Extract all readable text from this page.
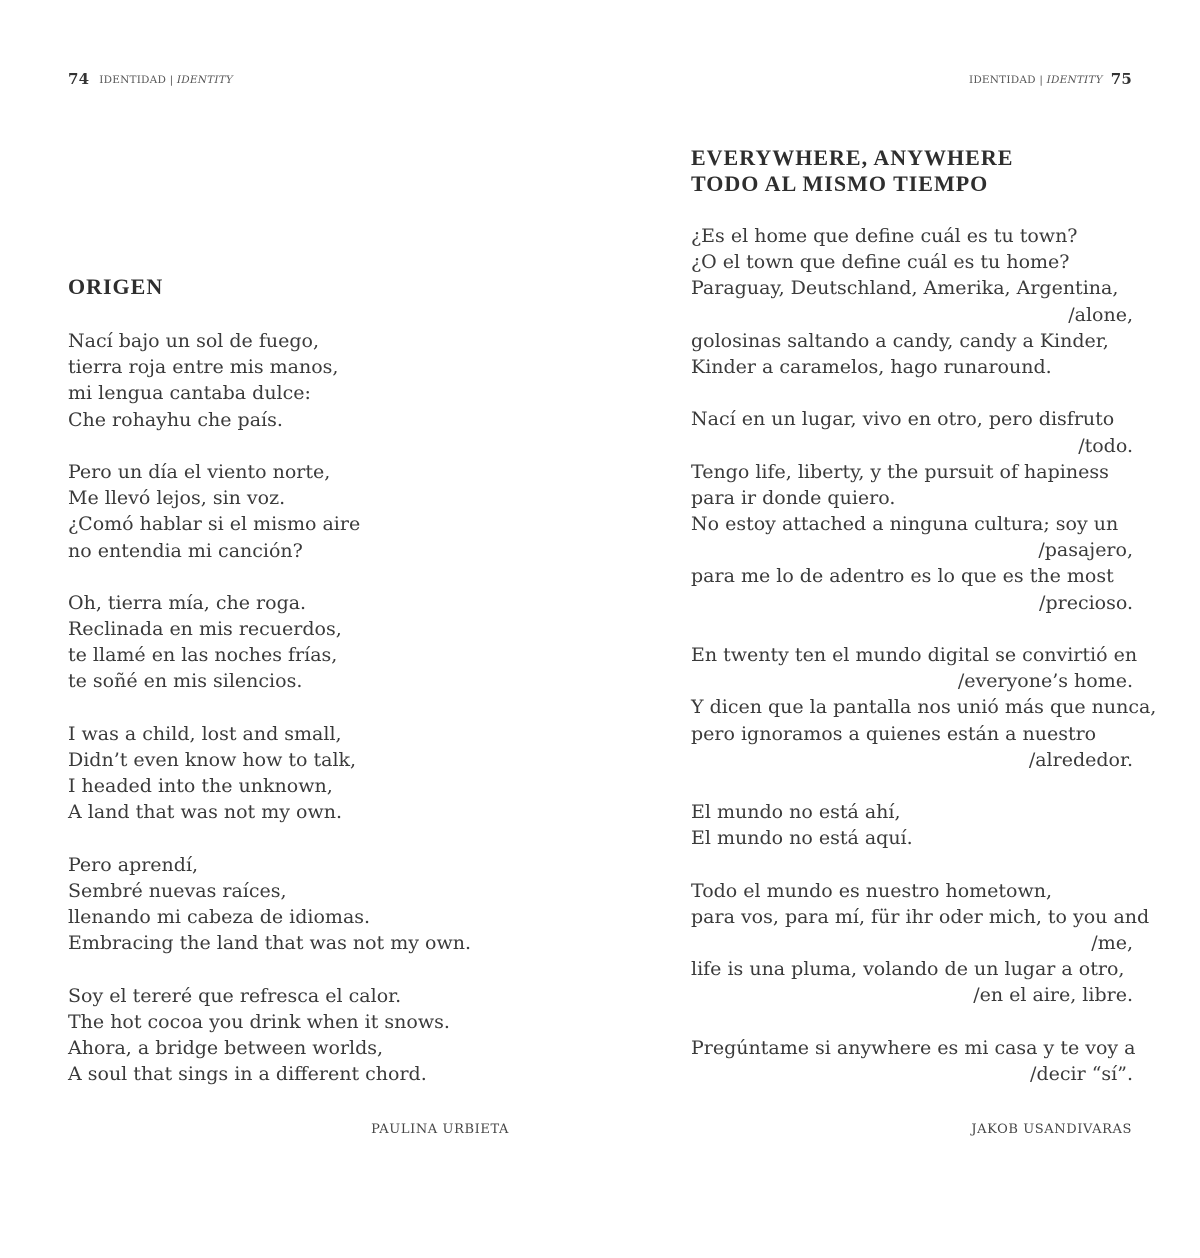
74 IDENTIDAD | IDENTITY
ORIGEN
Nací bajo un sol de fuego,
tierra roja entre mis manos,
mi lengua cantaba dulce:
Che rohayhu che país.
Pero un día el viento norte,
Me llevó lejos, sin voz.
¿Comó hablar si el mismo aire
no entendia mi canción?
Oh, tierra mía, che roga.
Reclinada en mis recuerdos,
te llamé en las noches frías,
te soñé en mis silencios.
I was a child, lost and small,
Didn’t even know how to talk,
I headed into the unknown,
A land that was not my own.
Pero aprendí,
Sembré nuevas raíces,
llenando mi cabeza de idiomas.
Embracing the land that was not my own.
Soy el tereré que refresca el calor.
The hot cocoa you drink when it snows.
Ahora, a bridge between worlds,
A soul that sings in a different chord.
PAULINA URBIETA
IDENTIDAD | IDENTITY 75
EVERYWHERE, ANYWHERE
TODO AL MISMO TIEMPO
¿Es el home que define cuál es tu town?
¿O el town que define cuál es tu home?
Paraguay, Deutschland, Amerika, Argentina,
/alone,
golosinas saltando a candy, candy a Kinder,
Kinder a caramelos, hago runaround.
Nací en un lugar, vivo en otro, pero disfruto
/todo.
Tengo life, liberty, y the pursuit of hapiness
para ir donde quiero.
No estoy attached a ninguna cultura; soy un
/pasajero,
para me lo de adentro es lo que es the most
/precioso.
En twenty ten el mundo digital se convirtió en
/everyone’s home.
Y dicen que la pantalla nos unió más que nunca,
pero ignoramos a quienes están a nuestro
/alrededor.
El mundo no está ahí,
El mundo no está aquí.
Todo el mundo es nuestro hometown,
para vos, para mí, für ihr oder mich, to you and
/me,
life is una pluma, volando de un lugar a otro,
/en el aire, libre.
Pregúntame si anywhere es mi casa y te voy a
/decir “sí”.
JAKOB USANDIVARAS
